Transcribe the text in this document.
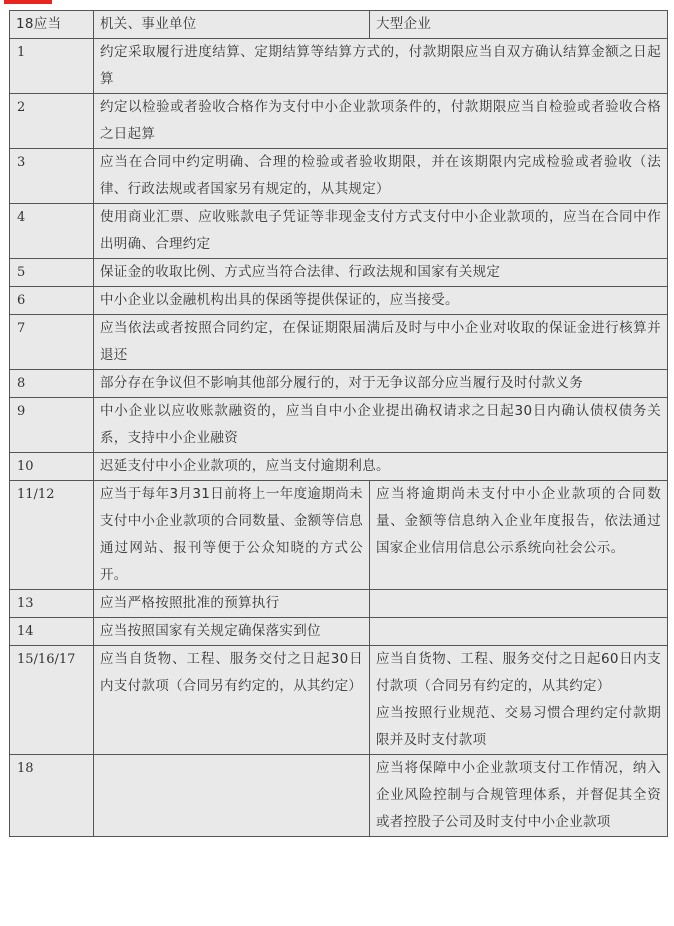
18应当	机关、事业单位	大型企业
1	约定采取履行进度结算、定期结算等结算方式的，付款期限应当自双方确认结算金额之日起算	
2	约定以检验或者验收合格作为支付中小企业款项条件的，付款期限应当自检验或者验收合格之日起算	
3	应当在合同中约定明确、合理的检验或者验收期限，并在该期限内完成检验或者验收（法律、行政法规或者国家另有规定的，从其规定）	
4	使用商业汇票、应收账款电子凭证等非现金支付方式支付中小企业款项的，应当在合同中作出明确、合理约定	
5	保证金的收取比例、方式应当符合法律、行政法规和国家有关规定	
6	中小企业以金融机构出具的保函等提供保证的，应当接受。	
7	应当依法或者按照合同约定，在保证期限届满后及时与中小企业对收取的保证金进行核算并退还	
8	部分存在争议但不影响其他部分履行的，对于无争议部分应当履行及时付款义务	
9	中小企业以应收账款融资的，应当自中小企业提出确权请求之日起30日内确认债权债务关系，支持中小企业融资	
10	迟延支付中小企业款项的，应当支付逾期利息。	
11/12	应当于每年3月31日前将上一年度逾期尚未支付中小企业款项的合同数量、金额等信息通过网站、报刊等便于公众知晓的方式公开。	应当将逾期尚未支付中小企业款项的合同数量、金额等信息纳入企业年度报告，依法通过国家企业信用信息公示系统向社会公示。
13	应当严格按照批准的预算执行	
14	应当按照国家有关规定确保落实到位	
15/16/17	应当自货物、工程、服务交付之日起30日内支付款项（合同另有约定的，从其约定）	应当自货物、工程、服务交付之日起60日内支付款项（合同另有约定的，从其约定）
应当按照行业规范、交易习惯合理约定付款期限并及时支付款项

18		应当将保障中小企业款项支付工作情况，纳入企业风险控制与合规管理体系，并督促其全资或者控股子公司及时支付中小企业款项
